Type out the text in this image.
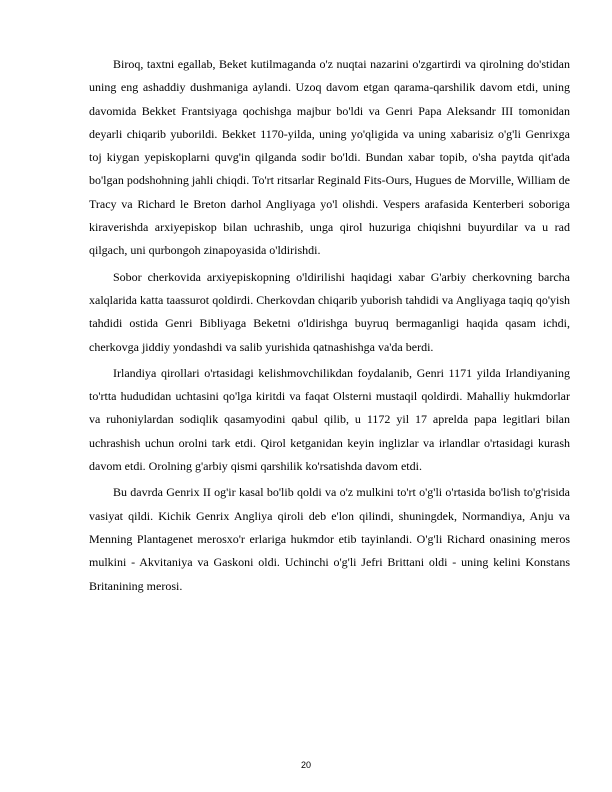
Biroq, taxtni egallab, Beket kutilmaganda o'z nuqtai nazarini o'zgartirdi va qirolning do'stidan uning eng ashaddiy dushmaniga aylandi. Uzoq davom etgan qarama-qarshilik davom etdi, uning davomida Bekket Frantsiyaga qochishga majbur bo'ldi va Genri Papa Aleksandr III tomonidan deyarli chiqarib yuborildi. Bekket 1170-yilda, uning yo'qligida va uning xabarisiz o'g'li Genrixga toj kiygan yepiskoplarni quvg'in qilganda sodir bo'ldi. Bundan xabar topib, o'sha paytda qit'ada bo'lgan podshohning jahli chiqdi. To'rt ritsarlar Reginald Fits-Ours, Hugues de Morville, William de Tracy va Richard le Breton darhol Angliyaga yo'l olishdi. Vespers arafasida Kenterberi soboriga kiraverishda arxiyepiskop bilan uchrashib, unga qirol huzuriga chiqishni buyurdilar va u rad qilgach, uni qurbongoh zinapoyasida o'ldirishdi.

Sobor cherkovida arxiyepiskopning o'ldirilishi haqidagi xabar G'arbiy cherkovning barcha xalqlarida katta taassurot qoldirdi. Cherkovdan chiqarib yuborish tahdidi va Angliyaga taqiq qo'yish tahdidi ostida Genri Bibliyaga Beketni o'ldirishga buyruq bermaganligi haqida qasam ichdi, cherkovga jiddiy yondashdi va salib yurishida qatnashishga va'da berdi.

Irlandiya qirollari o'rtasidagi kelishmovchilikdan foydalanib, Genri 1171 yilda Irlandiyaning to'rtta hududidan uchtasini qo'lga kiritdi va faqat Olsterni mustaqil qoldirdi. Mahalliy hukmdorlar va ruhoniylardan sodiqlik qasamyodini qabul qilib, u 1172 yil 17 aprelda papa legitlari bilan uchrashish uchun orolni tark etdi. Qirol ketganidan keyin inglizlar va irlandlar o'rtasidagi kurash davom etdi. Orolning g'arbiy qismi qarshilik ko'rsatishda davom etdi.

Bu davrda Genrix II og'ir kasal bo'lib qoldi va o'z mulkini to'rt o'g'li o'rtasida bo'lish to'g'risida vasiyat qildi. Kichik Genrix Angliya qiroli deb e'lon qilindi, shuningdek, Normandiya, Anju va Menning Plantagenet merosxo'r erlariga hukmdor etib tayinlandi. O'g'li Richard onasining meros mulkini - Akvitaniya va Gaskoni oldi. Uchinchi o'g'li Jefri Brittani oldi - uning kelini Konstans Britanining merosi.

20
